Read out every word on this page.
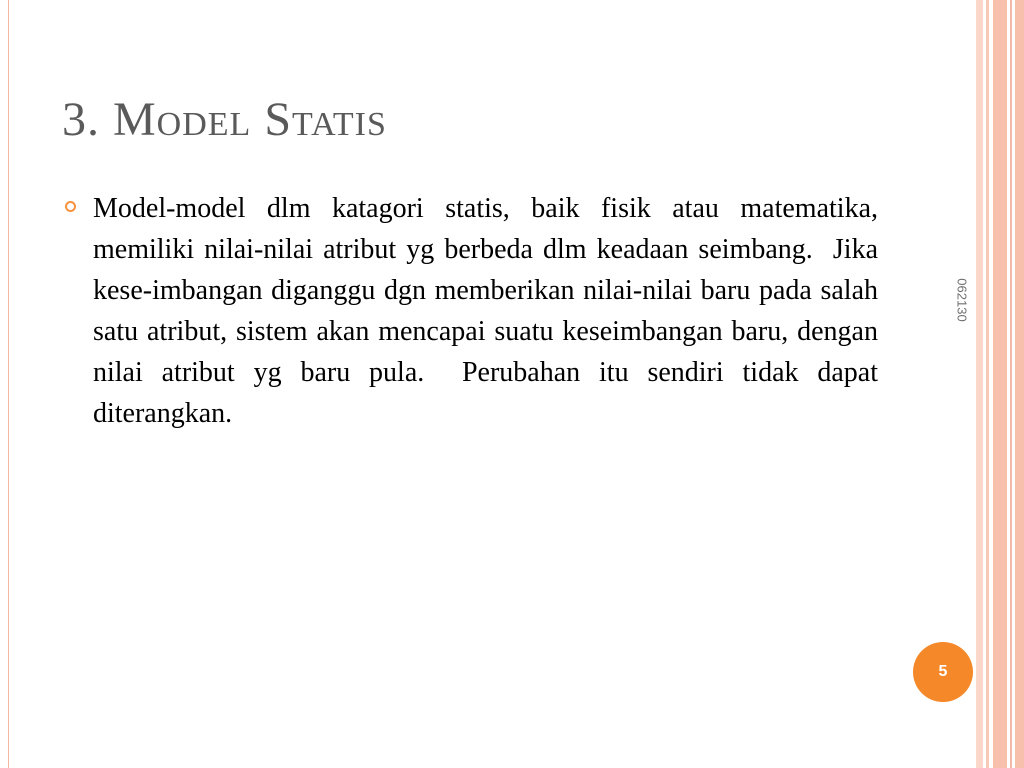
3. Model Statis

Model-model dlm katagori statis, baik fisik atau matematika, memiliki nilai-nilai atribut yg berbeda dlm keadaan seimbang.  Jika kese-imbangan diganggu dgn memberikan nilai-nilai baru pada salah satu atribut, sistem akan mencapai suatu keseimbangan baru, dengan nilai atribut yg baru pula.  Perubahan itu sendiri tidak dapat diterangkan.

062130
5
